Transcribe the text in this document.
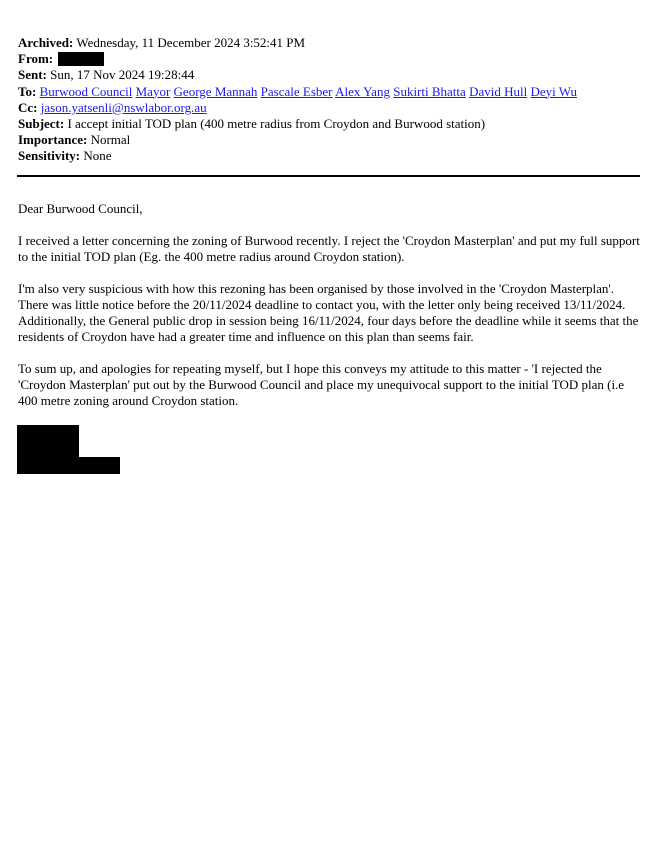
Archived: Wednesday, 11 December 2024 3:52:41 PM
From:
Sent: Sun, 17 Nov 2024 19:28:44
To: Burwood Council Mayor George Mannah Pascale Esber Alex Yang Sukirti Bhatta David Hull Deyi Wu
Cc: jason.yatsenli@nswlabor.org.au
Subject: I accept initial TOD plan (400 metre radius from Croydon and Burwood station)
Importance: Normal
Sensitivity: None

Dear Burwood Council,

I received a letter concerning the zoning of Burwood recently. I reject the 'Croydon Masterplan' and put my full support to the initial TOD plan (Eg. the 400 metre radius around Croydon station).

I'm also very suspicious with how this rezoning has been organised by those involved in the 'Croydon Masterplan'. There was little notice before the 20/11/2024 deadline to contact you, with the letter only being received 13/11/2024. Additionally, the General public drop in session being 16/11/2024, four days before the deadline while it seems that the residents of Croydon have had a greater time and influence on this plan than seems fair.

To sum up, and apologies for repeating myself, but I hope this conveys my attitude to this matter - 'I rejected the 'Croydon Masterplan' put out by the Burwood Council and place my unequivocal support to the initial TOD plan (i.e 400 metre zoning around Croydon station.
